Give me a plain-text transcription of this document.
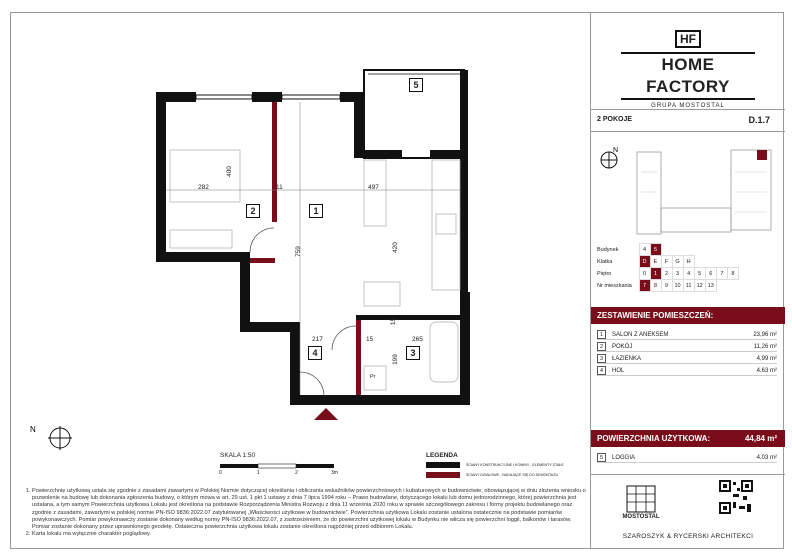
N
2	1
5
4	3
282	11	497
400
759	420
217	15
15
265
199
Pr
SKALA 1:50
0	1	2	3m
LEGENDA
ŚCIANY KONSTRUKCYJNE I KOMINY - ELEMENTY STAŁE
ŚCIANY DZIAŁOWE - NADAJĄCE SIĘ DO DEMONTAŻU
1. Powierzchnię użytkową ustala się zgodnie z zasadami zawartymi w Polskiej Normie dotyczącej określania i obliczania wskaźników powierzchniowych i kubaturowych w budownictwie, obowiązującej w dniu złożenia wniosku o pozwolenie na budowę lub dokonania zgłoszenia budowy, o którym mowa w art. 29 ust. 1 pkt 1 ustawy z dnia 7 lipca 1994 roku – Prawo budowlane, dotyczącego lokalu lub domu jednorodzinnego, której powierzchnia jest ustalana, a tym samym Powierzchnia użytkowa Lokalu jest określona na podstawie Rozporządzenia Ministra Rozwoju z dnia 11 września 2020 roku w sprawie szczegółowego zakresu i formy projektu budowlanego oraz zgodnie z zasadami, zawartymi w polskiej normie PN-ISO 9836:2022.07 zatytułowanej „Właściwości użytkowe w budownictwie”. Powierzchnia użytkowa Lokalu zostanie ustalona ostatecznie na podstawie pomiarów powykonawczych. Pomiar powykonawczy zostanie dokonany według normy PN-ISO 9836:2022.07, z zastrzeżeniem, że do powierzchni użytkowej lokalu w Budynku nie wlicza się powierzchni loggii, balkonów i tarasów. Pomiar zostanie dokonany przez uprawnionego geodetę. Ostateczna powierzchnia użytkowa lokalu zostanie określona najpóźniej przed odbiorem Lokalu.
2. Karta lokalu ma wyłącznie charakter poglądowy.
HF
HOME FACTORY
GRUPA MOSTOSTAL
2 POKOJE	D.1.7
N
Budynek	4	5							
Klatka	D	E	F	G	H				
Piętro	0	1	2	3	4	5	6	7	8
Nr mieszkania	7	8	9	10	11	12	13		
ZESTAWIENIE POMIESZCZEŃ:
1	SALON Z ANEKSEM	23,96 m²
2	POKÓJ	11,26 m²
3	ŁAZIENKA	4,99 m²
4	HOL	4,63 m²
POWIERZCHNIA UŻYTKOWA:	44,84 m²
5	LOGGIA	4,03 m²
MOSTOSTAL
SZAROSZYK & RYCERSKI ARCHITEKCI
